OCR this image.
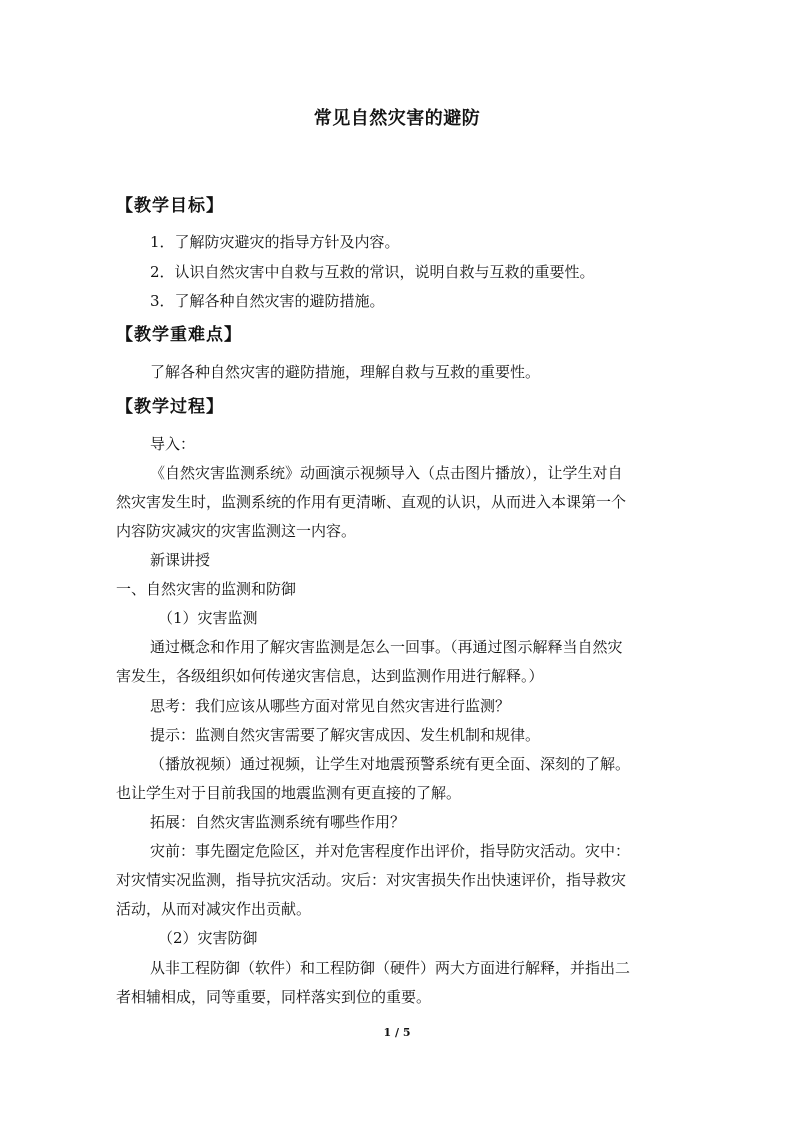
常见自然灾害的避防
【教学目标】

1．了解防灾避灾的指导方针及内容。

2．认识自然灾害中自救与互救的常识，说明自救与互救的重要性。

3．了解各种自然灾害的避防措施。

【教学重难点】

了解各种自然灾害的避防措施，理解自救与互救的重要性。

【教学过程】

导入：

《自然灾害监测系统》动画演示视频导入（点击图片播放），让学生对自

然灾害发生时，监测系统的作用有更清晰、直观的认识，从而进入本课第一个

内容防灾减灾的灾害监测这一内容。

新课讲授

一、自然灾害的监测和防御

（1）灾害监测

通过概念和作用了解灾害监测是怎么一回事。（再通过图示解释当自然灾

害发生，各级组织如何传递灾害信息，达到监测作用进行解释。）

思考：我们应该从哪些方面对常见自然灾害进行监测？

提示：监测自然灾害需要了解灾害成因、发生机制和规律。

（播放视频）通过视频，让学生对地震预警系统有更全面、深刻的了解。

也让学生对于目前我国的地震监测有更直接的了解。

拓展：自然灾害监测系统有哪些作用？

灾前：事先圈定危险区，并对危害程度作出评价，指导防灾活动。灾中：

对灾情实况监测，指导抗灾活动。灾后：对灾害损失作出快速评价，指导救灾

活动，从而对减灾作出贡献。

（2）灾害防御

从非工程防御（软件）和工程防御（硬件）两大方面进行解释，并指出二

者相辅相成，同等重要，同样落实到位的重要。

1 / 5
